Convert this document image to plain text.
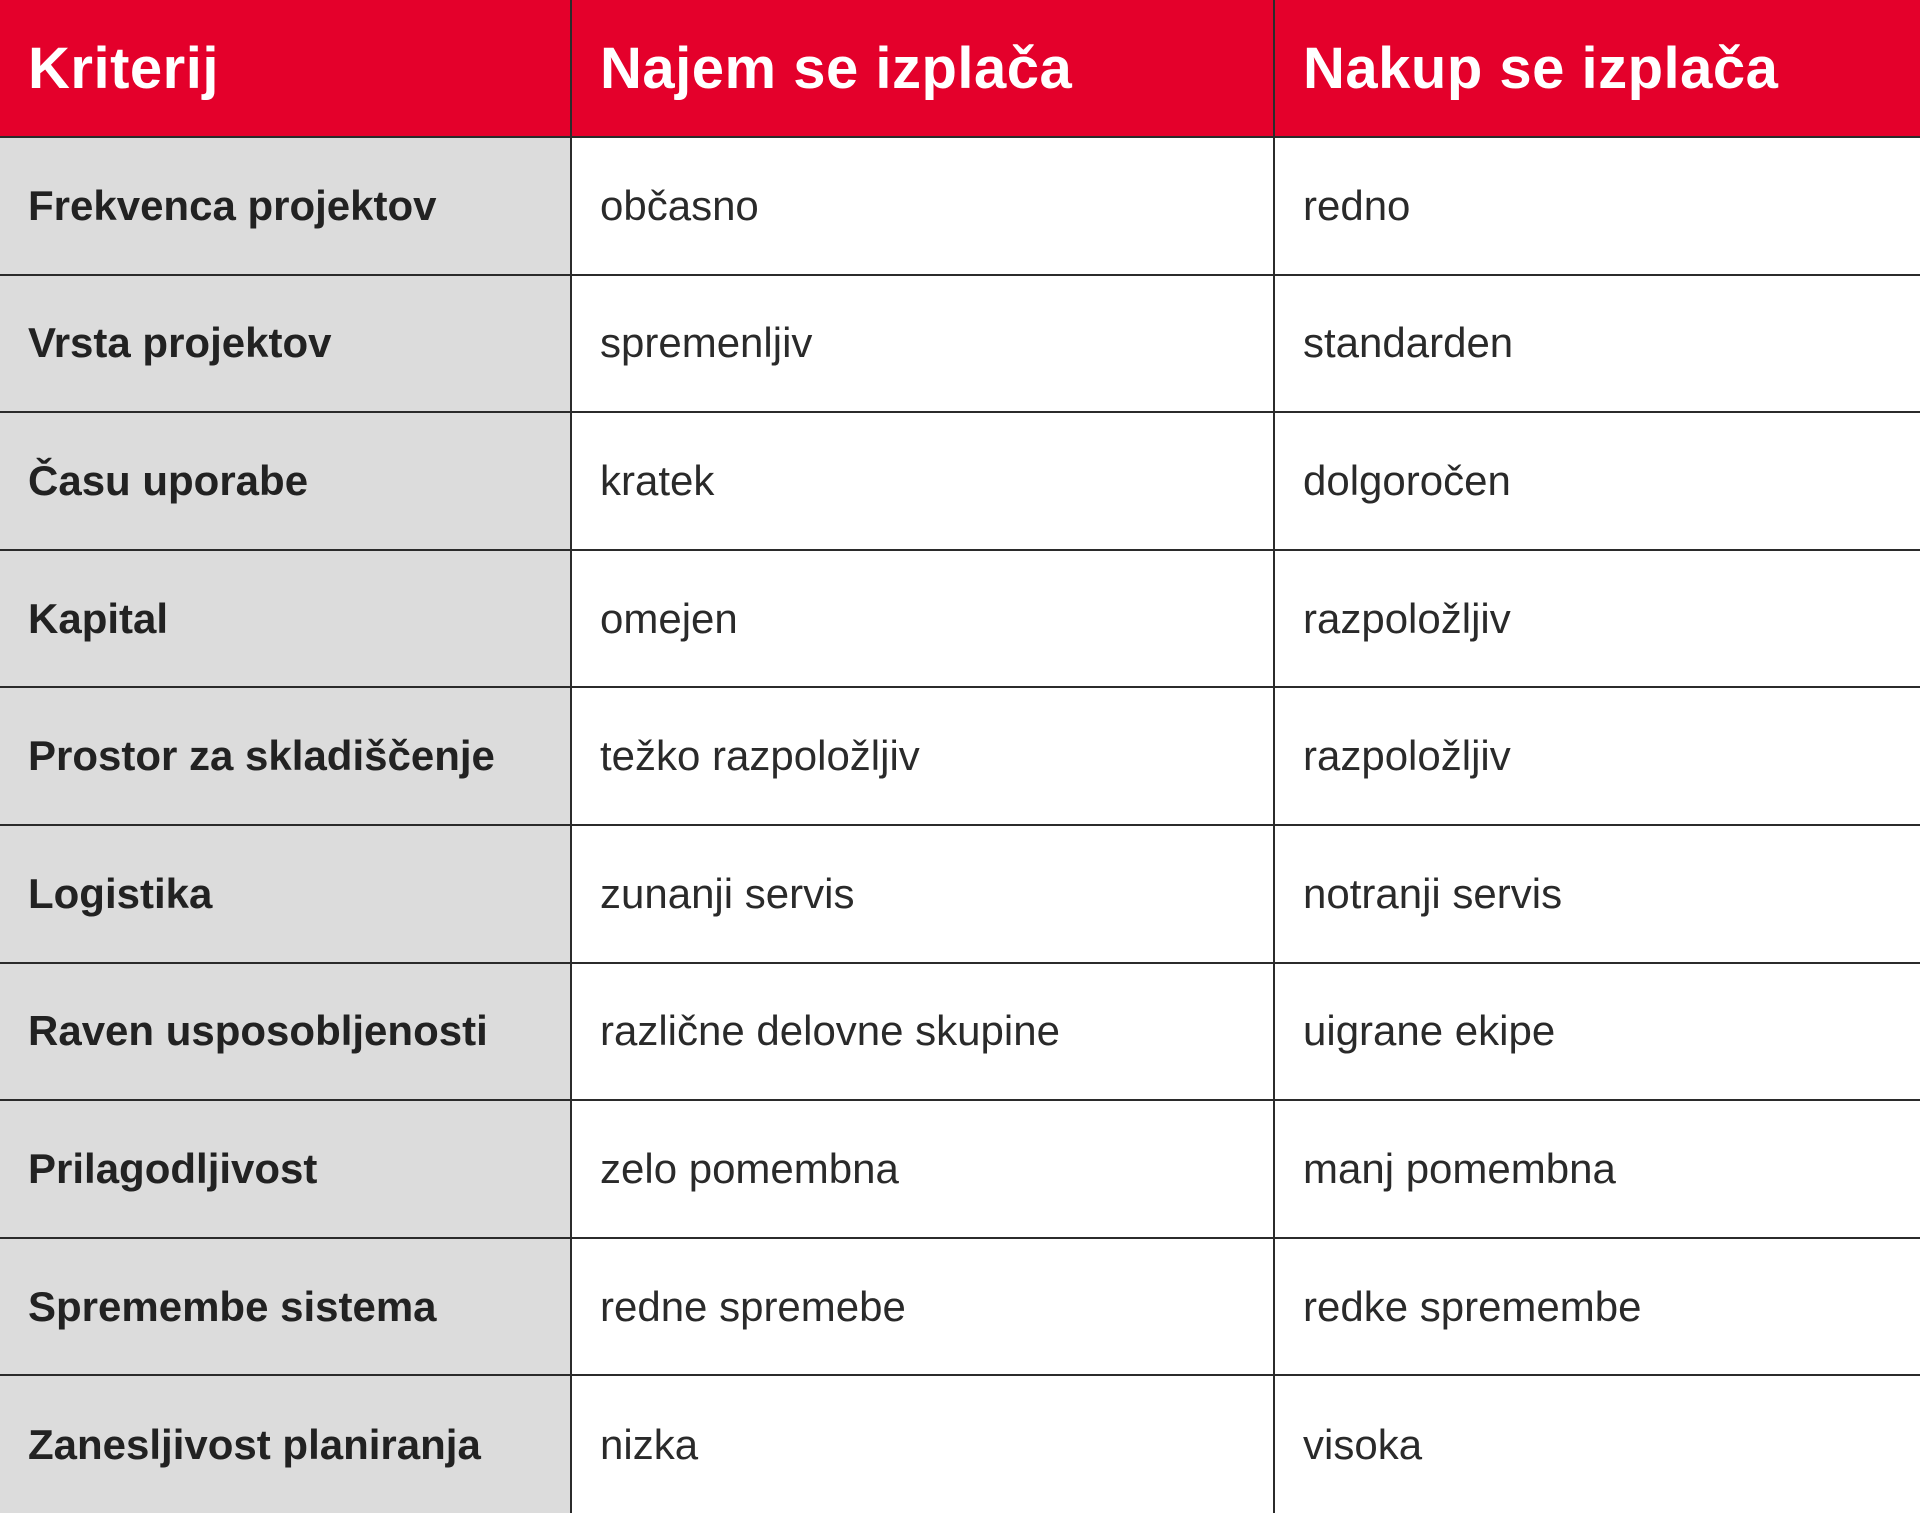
Kriterij	Najem se izplača	Nakup se izplača
Frekvenca projektov	občasno	redno
Vrsta projektov	spremenljiv	standarden
Času uporabe	kratek	dolgoročen
Kapital	omejen	razpoložljiv
Prostor za skladiščenje	težko razpoložljiv	razpoložljiv
Logistika	zunanji servis	notranji servis
Raven usposobljenosti	različne delovne skupine	uigrane ekipe
Prilagodljivost	zelo pomembna	manj pomembna
Spremembe sistema	redne spremebe	redke spremembe
Zanesljivost planiranja	nizka	visoka
